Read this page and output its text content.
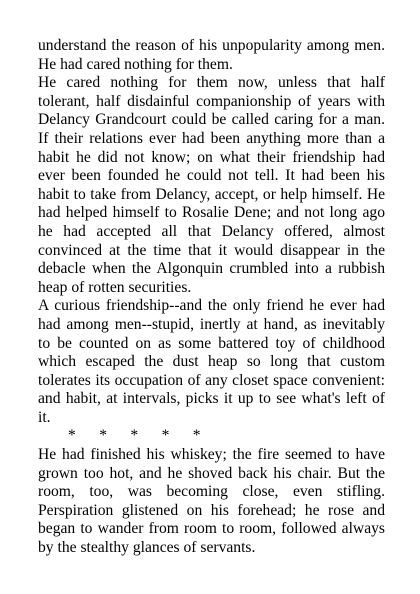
understand the reason of his unpopularity among men. He had cared nothing for them.

He cared nothing for them now, unless that half tolerant, half disdainful companionship of years with Delancy Grandcourt could be called caring for a man. If their relations ever had been anything more than a habit he did not know; on what their friendship had ever been founded he could not tell. It had been his habit to take from Delancy, accept, or help himself. He had helped himself to Rosalie Dene; and not long ago he had accepted all that Delancy offered, almost convinced at the time that it would disappear in the debacle when the Algonquin crumbled into a rubbish heap of rotten securities.

A curious friendship--and the only friend he ever had had among men--stupid, inertly at hand, as inevitably to be counted on as some battered toy of childhood which escaped the dust heap so long that custom tolerates its occupation of any closet space convenient: and habit, at intervals, picks it up to see what's left of it.

*      *      *      *      *

He had finished his whiskey; the fire seemed to have grown too hot, and he shoved back his chair. But the room, too, was becoming close, even stifling. Perspiration glistened on his forehead; he rose and began to wander from room to room, followed always by the stealthy glances of servants.
